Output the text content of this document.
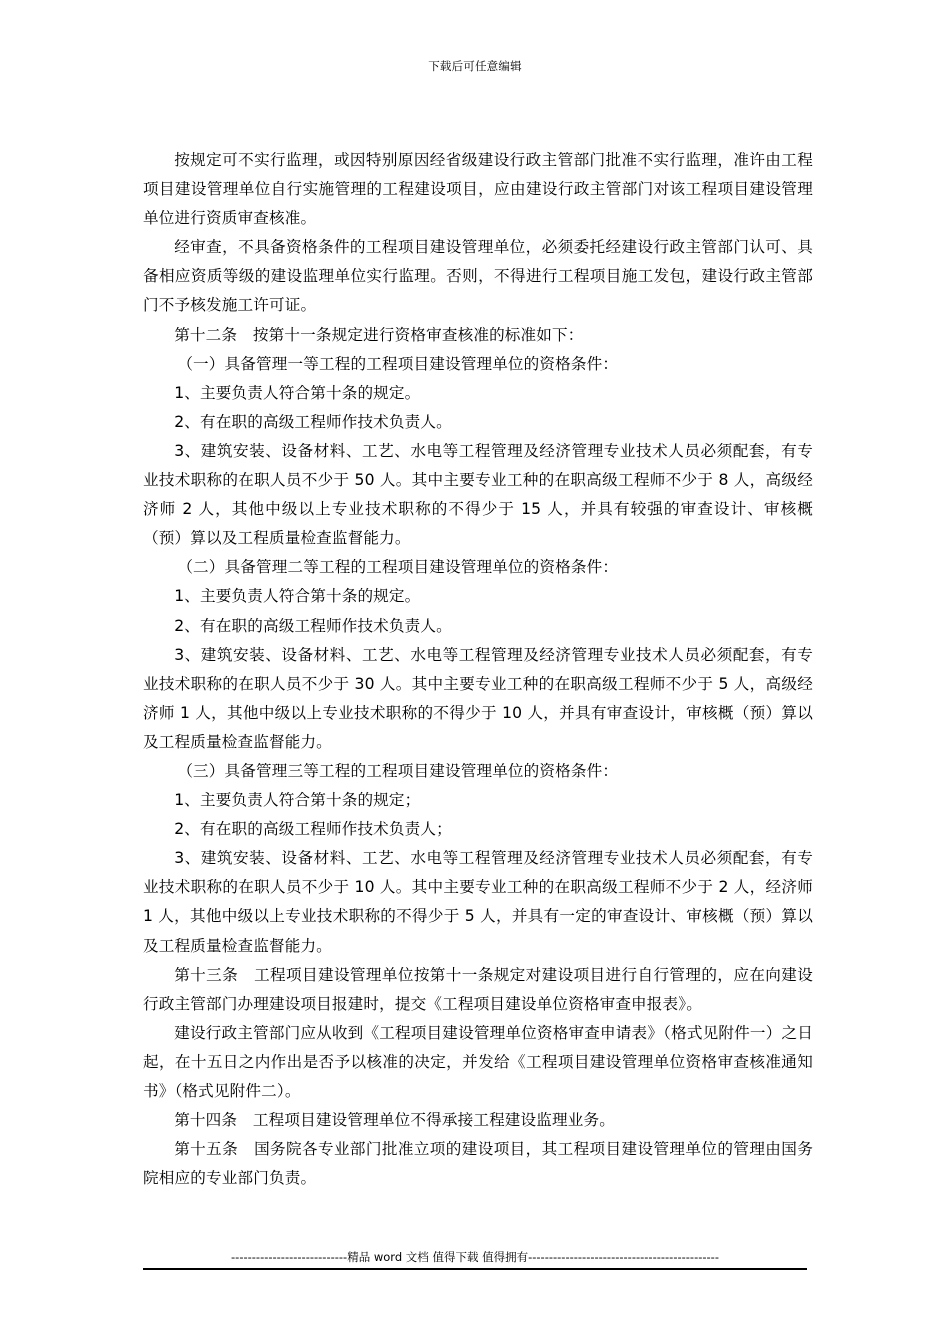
下载后可任意编辑

按规定可不实行监理，或因特别原因经省级建设行政主管部门批准不实行监理，准许由工程项目建设管理单位自行实施管理的工程建设项目，应由建设行政主管部门对该工程项目建设管理单位进行资质审查核准。

经审查，不具备资格条件的工程项目建设管理单位，必须委托经建设行政主管部门认可、具备相应资质等级的建设监理单位实行监理。否则，不得进行工程项目施工发包，建设行政主管部门不予核发施工许可证。

第十二条　按第十一条规定进行资格审查核准的标准如下：

（一）具备管理一等工程的工程项目建设管理单位的资格条件：

1、主要负责人符合第十条的规定。

2、有在职的高级工程师作技术负责人。

3、建筑安装、设备材料、工艺、水电等工程管理及经济管理专业技术人员必须配套，有专业技术职称的在职人员不少于 50 人。其中主要专业工种的在职高级工程师不少于 8 人，高级经济师 2 人，其他中级以上专业技术职称的不得少于 15 人，并具有较强的审查设计、审核概（预）算以及工程质量检查监督能力。

（二）具备管理二等工程的工程项目建设管理单位的资格条件：

1、主要负责人符合第十条的规定。

2、有在职的高级工程师作技术负责人。

3、建筑安装、设备材料、工艺、水电等工程管理及经济管理专业技术人员必须配套，有专业技术职称的在职人员不少于 30 人。其中主要专业工种的在职高级工程师不少于 5 人，高级经济师 1 人，其他中级以上专业技术职称的不得少于 10 人，并具有审查设计，审核概（预）算以及工程质量检查监督能力。

（三）具备管理三等工程的工程项目建设管理单位的资格条件：

1、主要负责人符合第十条的规定；

2、有在职的高级工程师作技术负责人；

3、建筑安装、设备材料、工艺、水电等工程管理及经济管理专业技术人员必须配套，有专业技术职称的在职人员不少于 10 人。其中主要专业工种的在职高级工程师不少于 2 人，经济师 1 人，其他中级以上专业技术职称的不得少于 5 人，并具有一定的审查设计、审核概（预）算以及工程质量检查监督能力。

第十三条　工程项目建设管理单位按第十一条规定对建设项目进行自行管理的，应在向建设行政主管部门办理建设项目报建时，提交《工程项目建设单位资格审查申报表》。

建设行政主管部门应从收到《工程项目建设管理单位资格审查申请表》（格式见附件一）之日起，在十五日之内作出是否予以核准的决定，并发给《工程项目建设管理单位资格审查核准通知书》（格式见附件二）。

第十四条　工程项目建设管理单位不得承接工程建设监理业务。

第十五条　国务院各专业部门批准立项的建设项目，其工程项目建设管理单位的管理由国务院相应的专业部门负责。

----------------------------精品 word 文档 值得下载 值得拥有----------------------------------------------
